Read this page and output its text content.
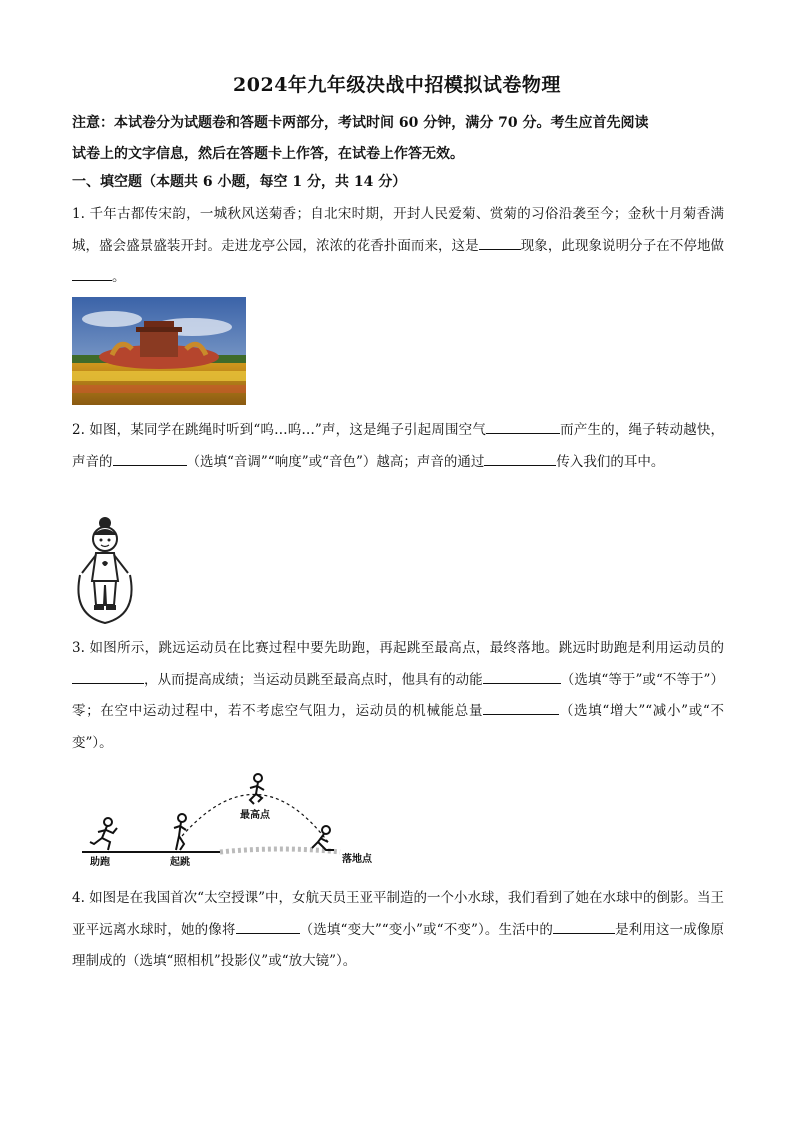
2024年九年级决战中招模拟试卷物理
注意：本试卷分为试题卷和答题卡两部分，考试时间 60 分钟，满分 70 分。考生应首先阅读
试卷上的文字信息，然后在答题卡上作答，在试卷上作答无效。
一、填空题（本题共 6 小题，每空 1 分，共 14 分）
1. 千年古都传宋韵，一城秋风送菊香；自北宋时期，开封人民爱菊、赏菊的习俗沿袭至今；金秋十月菊香满城，盛会盛景盛装开封。走进龙亭公园，浓浓的花香扑面而来，这是	现象，此现象说明分子在不停地做。
2. 如图，某同学在跳绳时听到“呜…呜…”声，这是绳子引起周围空气	而产生的，绳子转动越快，声音的	（选填“音调”“响度”或“音色”）越高；声音的通过	传入我们的耳中。
3. 如图所示，跳远运动员在比赛过程中要先助跑，再起跳至最高点，最终落地。跳远时助跑是利用运动员的，从而提高成绩；当运动员跳至最高点时，他具有的动能	（选填“等于”或“不等于”）零；在空中运动过程中，若不考虑空气阻力，运动员的机械能总量	（选填“增大”“减小”或“不变”）。
助跑	起跳
最高点
落地点
4. 如图是在我国首次“太空授课”中，女航天员王亚平制造的一个小水球，我们看到了她在水球中的倒影。当王亚平远离水球时，她的像将	（选填“变大”“变小”或“不变”）。生活中的	是利用这一成像原理制成的（选填“照相机”投影仪”或“放大镜”）。
